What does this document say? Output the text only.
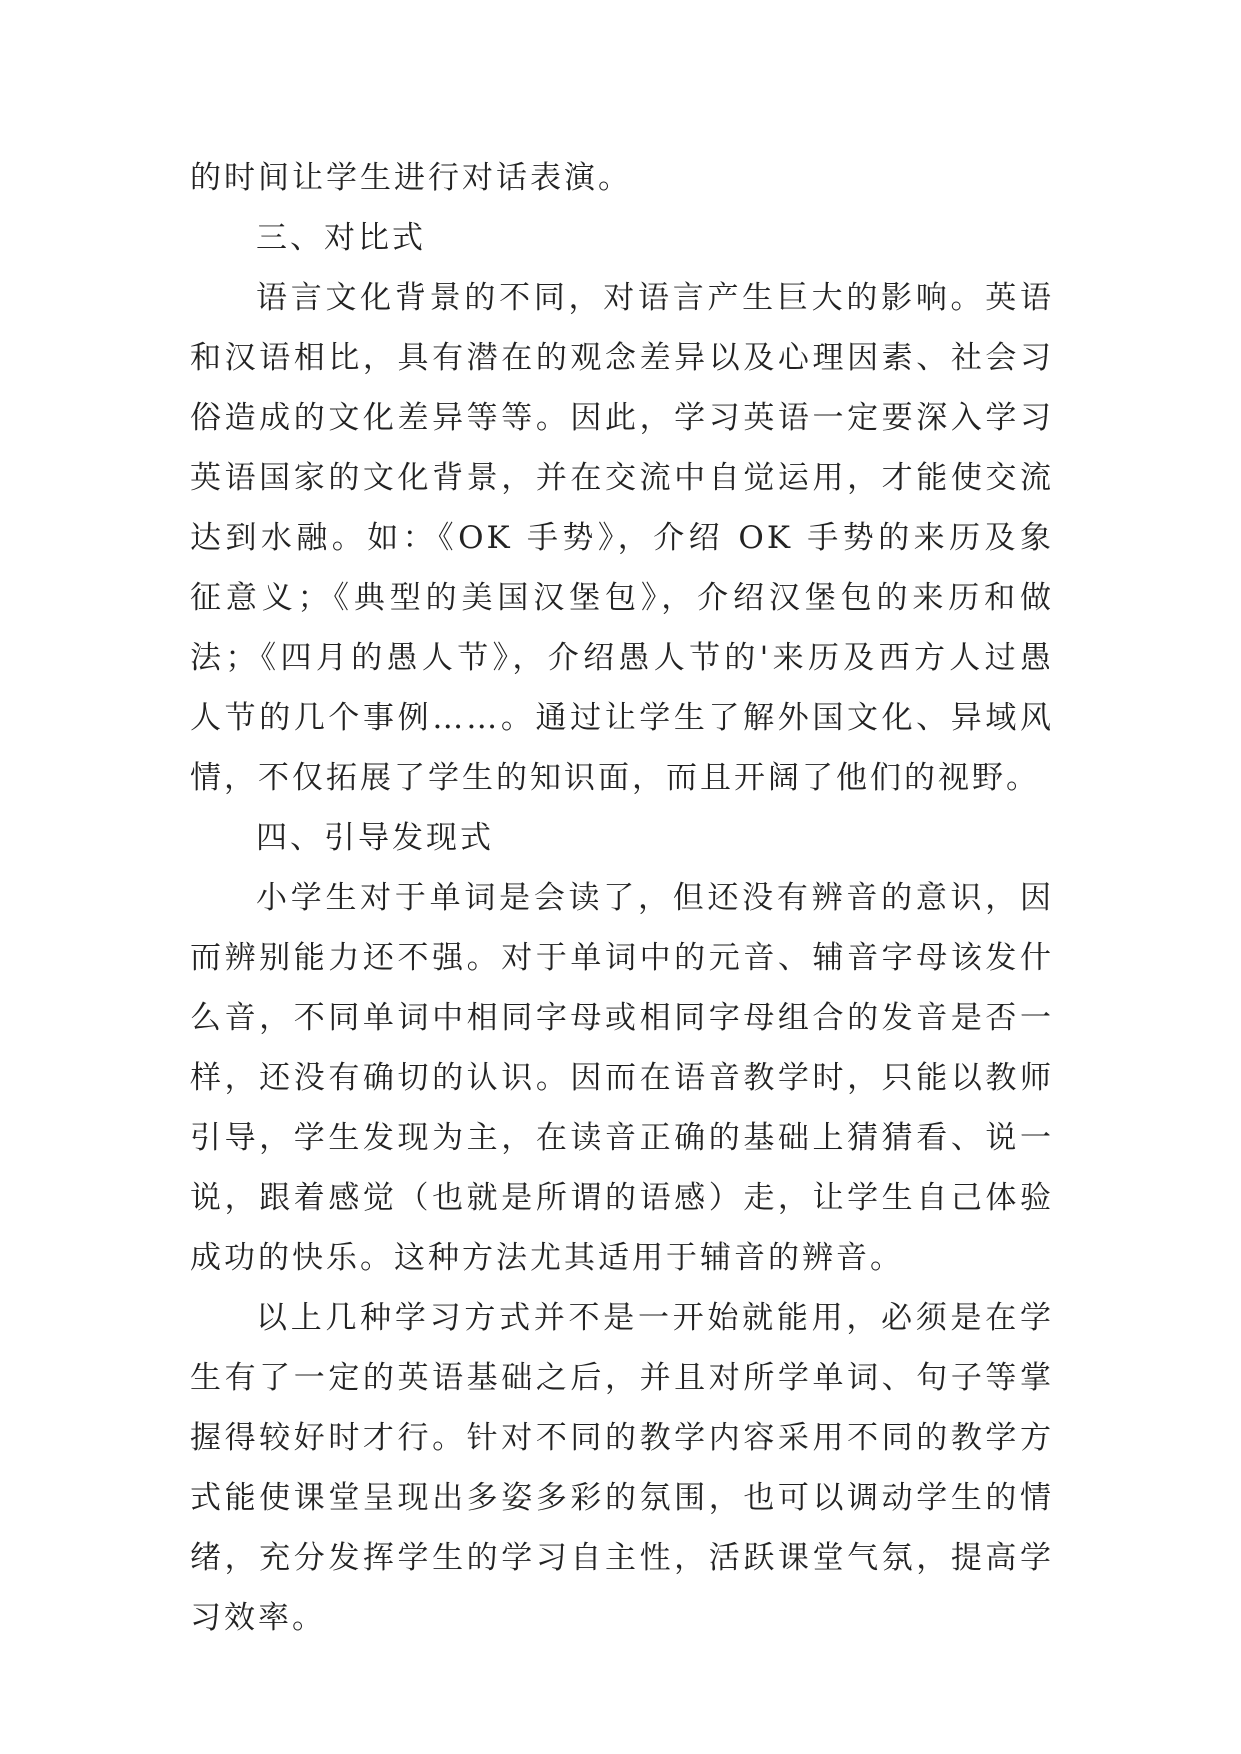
的时间让学生进行对话表演。

三、对比式

语言文化背景的不同，对语言产生巨大的影响。英语和汉语相比，具有潜在的观念差异以及心理因素、社会习俗造成的文化差异等等。因此，学习英语一定要深入学习英语国家的文化背景，并在交流中自觉运用，才能使交流达到水融。如：《OK 手势》，介绍 OK 手势的来历及象征意义；《典型的美国汉堡包》，介绍汉堡包的来历和做法；《四月的愚人节》，介绍愚人节的'来历及西方人过愚人节的几个事例……。通过让学生了解外国文化、异域风情，不仅拓展了学生的知识面，而且开阔了他们的视野。

四、引导发现式

小学生对于单词是会读了，但还没有辨音的意识，因而辨别能力还不强。对于单词中的元音、辅音字母该发什么音，不同单词中相同字母或相同字母组合的发音是否一样，还没有确切的认识。因而在语音教学时，只能以教师引导，学生发现为主，在读音正确的基础上猜猜看、说一说，跟着感觉（也就是所谓的语感）走，让学生自己体验成功的快乐。这种方法尤其适用于辅音的辨音。

以上几种学习方式并不是一开始就能用，必须是在学生有了一定的英语基础之后，并且对所学单词、句子等掌握得较好时才行。针对不同的教学内容采用不同的教学方式能使课堂呈现出多姿多彩的氛围，也可以调动学生的情绪，充分发挥学生的学习自主性，活跃课堂气氛，提高学习效率。
